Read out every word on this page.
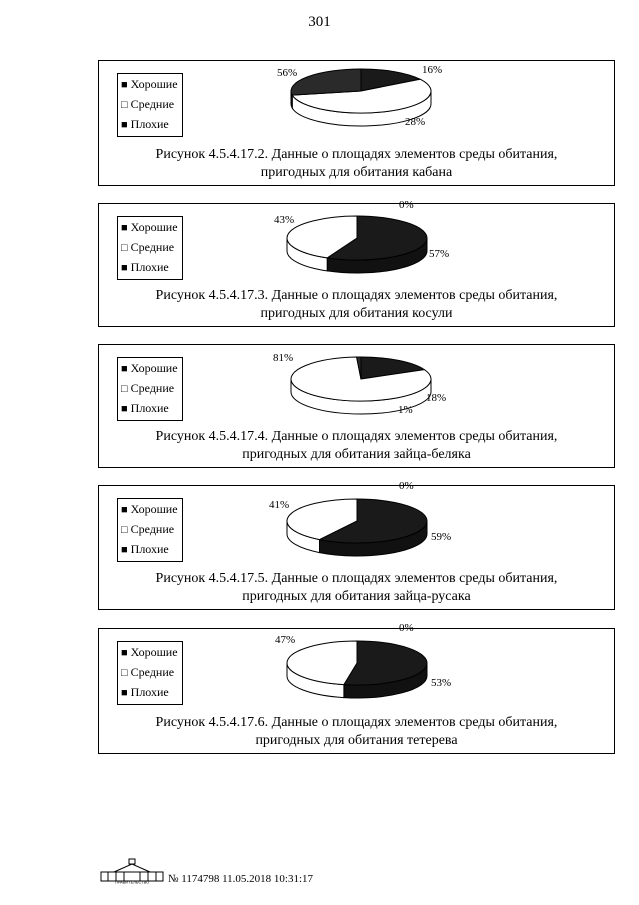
301
■ Хорошие
□ Средние
■ Плохие
16%
56%
28%
Рисунок 4.5.4.17.2. Данные о площадях элементов среды обитания,
пригодных для обитания кабана
■ Хорошие
□ Средние
■ Плохие
57%
43%
0%
Рисунок 4.5.4.17.3. Данные о площадях элементов среды обитания,
пригодных для обитания косули
■ Хорошие
□ Средние
■ Плохие
18%
81%
1%
Рисунок 4.5.4.17.4. Данные о площадях элементов среды обитания,
пригодных для обитания зайца-беляка
■ Хорошие
□ Средние
■ Плохие
59%
41%
0%
Рисунок 4.5.4.17.5. Данные о площадях элементов среды обитания,
пригодных для обитания зайца-русака
■ Хорошие
□ Средние
■ Плохие
53%
47%
0%
Рисунок 4.5.4.17.6. Данные о площадях элементов среды обитания,
пригодных для обитания тетерева
ПРАВИТЕЛЬСТВО № 1174798 11.05.2018 10:31:17
